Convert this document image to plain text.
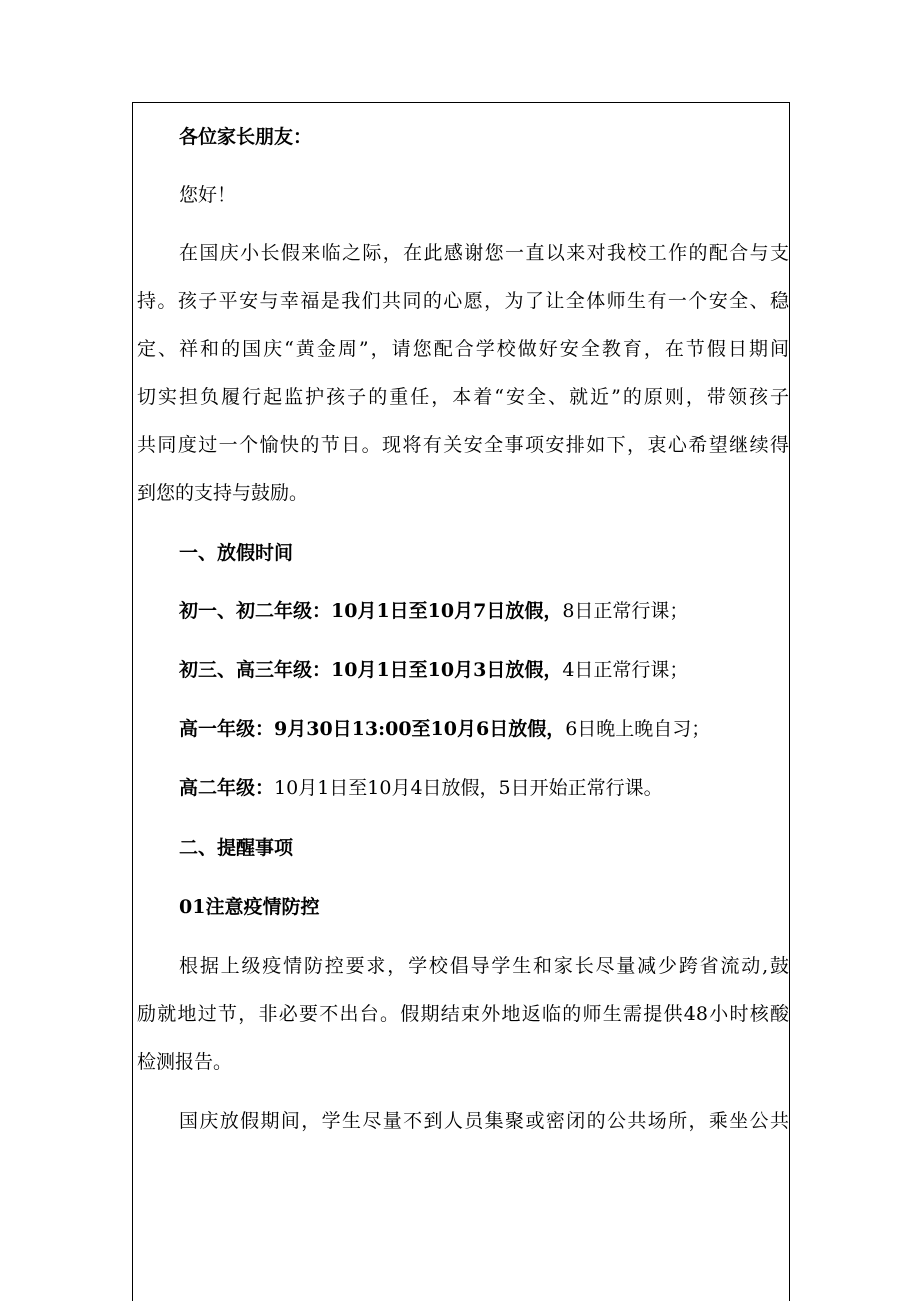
各位家长朋友：
您好！
在国庆小长假来临之际，在此感谢您一直以来对我校工作的配合与支
持。孩子平安与幸福是我们共同的心愿，为了让全体师生有一个安全、稳
定、祥和的国庆“黄金周”，请您配合学校做好安全教育，在节假日期间
切实担负履行起监护孩子的重任，本着“安全、就近”的原则，带领孩子
共同度过一个愉快的节日。现将有关安全事项安排如下，衷心希望继续得
到您的支持与鼓励。
一、放假时间
初一、初二年级：10月1日至10月7日放假，8日正常行课；
初三、高三年级：10月1日至10月3日放假，4日正常行课；
高一年级：9月30日13:00至10月6日放假，6日晚上晚自习；
高二年级：10月1日至10月4日放假，5日开始正常行课。
二、提醒事项
01注意疫情防控
根据上级疫情防控要求，学校倡导学生和家长尽量减少跨省流动,鼓
励就地过节，非必要不出台。假期结束外地返临的师生需提供48小时核酸
检测报告。
国庆放假期间，学生尽量不到人员集聚或密闭的公共场所，乘坐公共
